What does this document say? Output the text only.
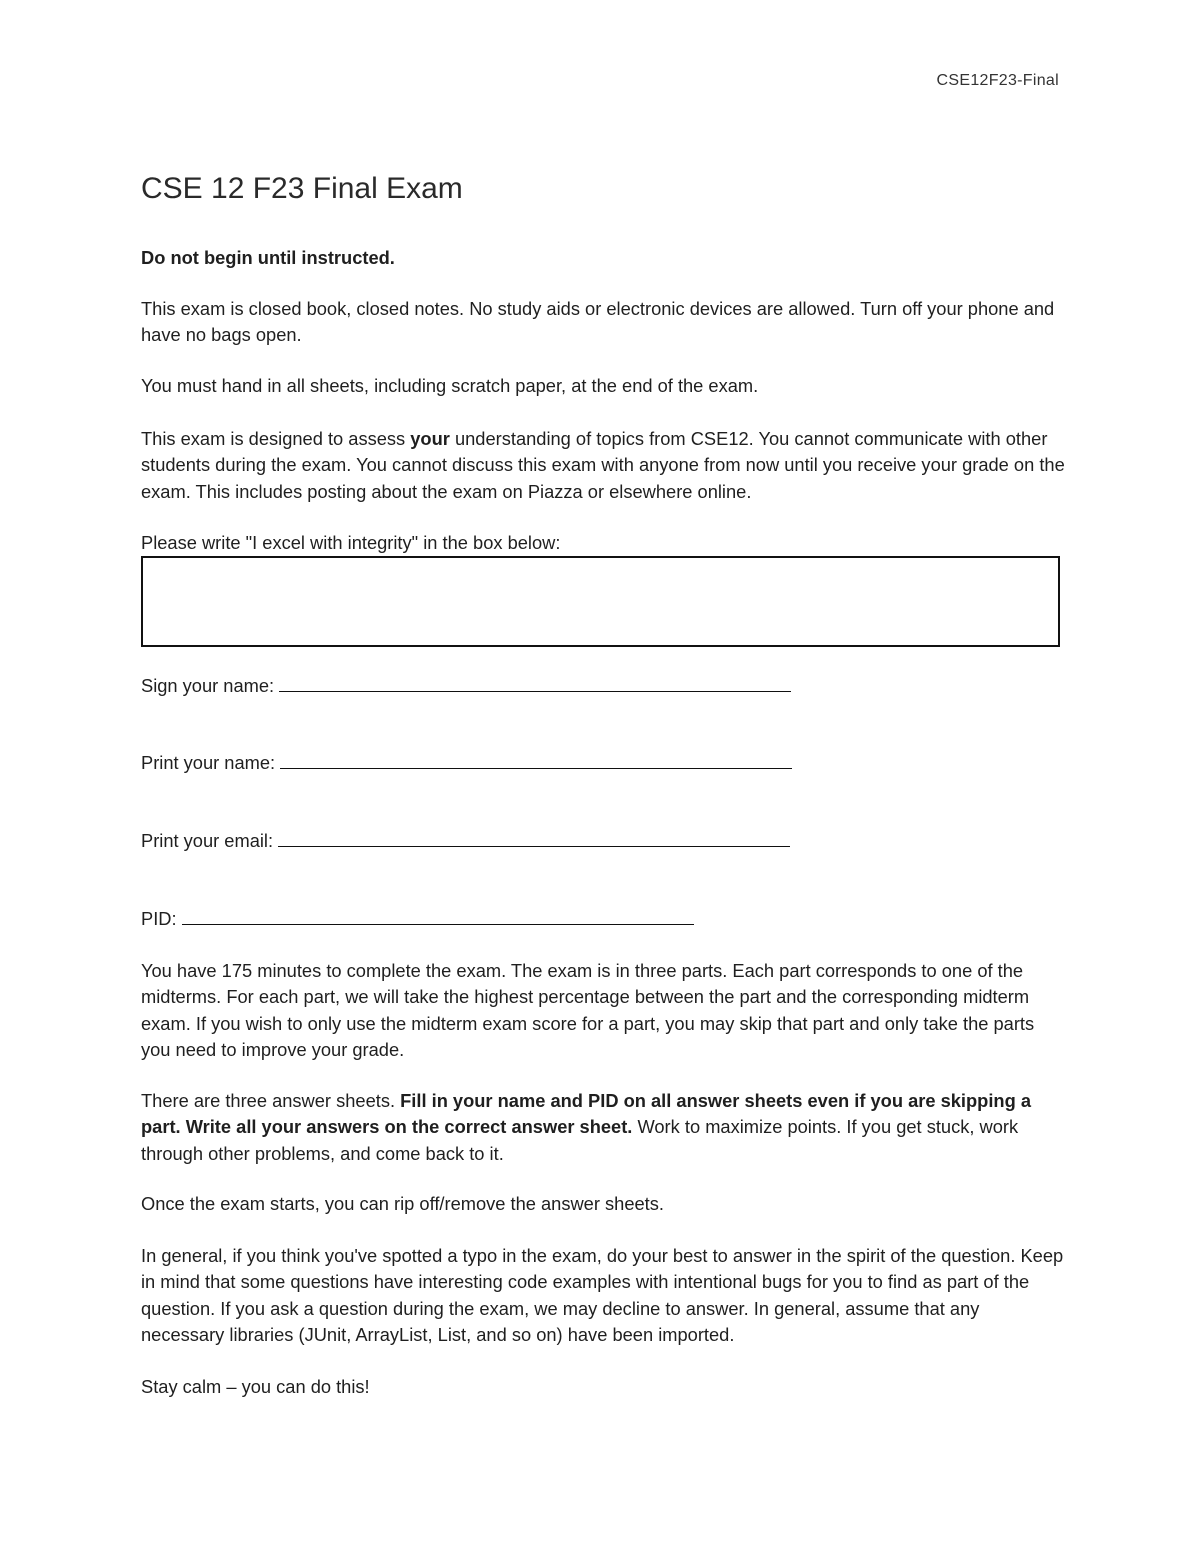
CSE12F23-Final
CSE 12 F23 Final Exam
Do not begin until instructed.
This exam is closed book, closed notes. No study aids or electronic devices are allowed. Turn off your phone and have no bags open.
You must hand in all sheets, including scratch paper, at the end of the exam.
This exam is designed to assess your understanding of topics from CSE12. You cannot communicate with other students during the exam. You cannot discuss this exam with anyone from now until you receive your grade on the exam. This includes posting about the exam on Piazza or elsewhere online.
Please write "I excel with integrity" in the box below:
Sign your name:
Print your name:
Print your email:
PID:
You have 175 minutes to complete the exam. The exam is in three parts. Each part corresponds to one of the midterms. For each part, we will take the highest percentage between the part and the corresponding midterm exam. If you wish to only use the midterm exam score for a part, you may skip that part and only take the parts you need to improve your grade.
There are three answer sheets. Fill in your name and PID on all answer sheets even if you are skipping a part. Write all your answers on the correct answer sheet. Work to maximize points. If you get stuck, work through other problems, and come back to it.
Once the exam starts, you can rip off/remove the answer sheets.
In general, if you think you've spotted a typo in the exam, do your best to answer in the spirit of the question. Keep in mind that some questions have interesting code examples with intentional bugs for you to find as part of the question. If you ask a question during the exam, we may decline to answer. In general, assume that any necessary libraries (JUnit, ArrayList, List, and so on) have been imported.
Stay calm – you can do this!
